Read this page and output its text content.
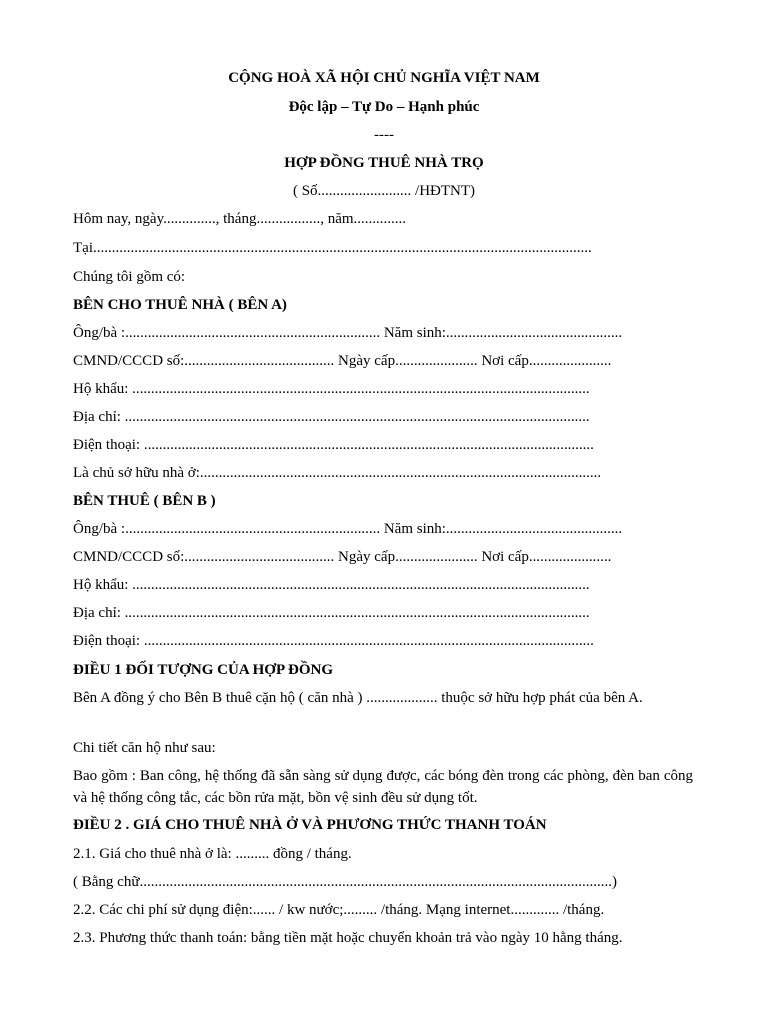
CỘNG HOÀ XÃ HỘI CHỦ NGHĨA VIỆT NAM
Độc lập – Tự Do – Hạnh phúc
----
HỢP ĐỒNG THUÊ NHÀ TRỌ
( Số......................... /HĐTNT)
Hôm nay, ngày.............., tháng................., năm..............
Tại.....................................................................................................................................
Chúng tôi gồm có:
BÊN CHO THUÊ NHÀ ( BÊN A)
Ông/bà :.................................................................... Năm sinh:...............................................
CMND/CCCD số:........................................ Ngày cấp...................... Nơi cấp......................
Hộ khẩu: ..........................................................................................................................
Địa chỉ: ............................................................................................................................
Điện thoại: ........................................................................................................................
Là chủ sở hữu nhà ở:...........................................................................................................
BÊN THUÊ ( BÊN B )
Ông/bà :.................................................................... Năm sinh:...............................................
CMND/CCCD số:........................................ Ngày cấp...................... Nơi cấp......................
Hộ khẩu: ..........................................................................................................................
Địa chỉ: ............................................................................................................................
Điện thoại: ........................................................................................................................
ĐIỀU 1 ĐỐI TƯỢNG CỦA HỢP ĐỒNG
Bên A đồng ý cho Bên B thuê cặn hộ ( căn nhà ) ................... thuộc sở hữu hợp phát của bên A.
Chi tiết căn hộ như sau:
Bao gồm : Ban công, hệ thống đã sẵn sàng sử dụng được, các bóng đèn trong các phòng, đèn ban công và hệ thống công tắc, các bồn rửa mặt, bồn vệ sinh đều sử dụng tốt.
ĐIỀU 2 . GIÁ CHO THUÊ NHÀ Ở VÀ PHƯƠNG THỨC THANH TOÁN
2.1. Giá cho thuê nhà ở là: ......... đồng / tháng.
( Bằng chữ..............................................................................................................................)
2.2. Các chi phí sử dụng điện:...... / kw nước;......... /tháng. Mạng internet............. /tháng.
2.3. Phương thức thanh toán: bằng tiền mặt hoặc chuyển khoản trả vào ngày 10 hằng tháng.
